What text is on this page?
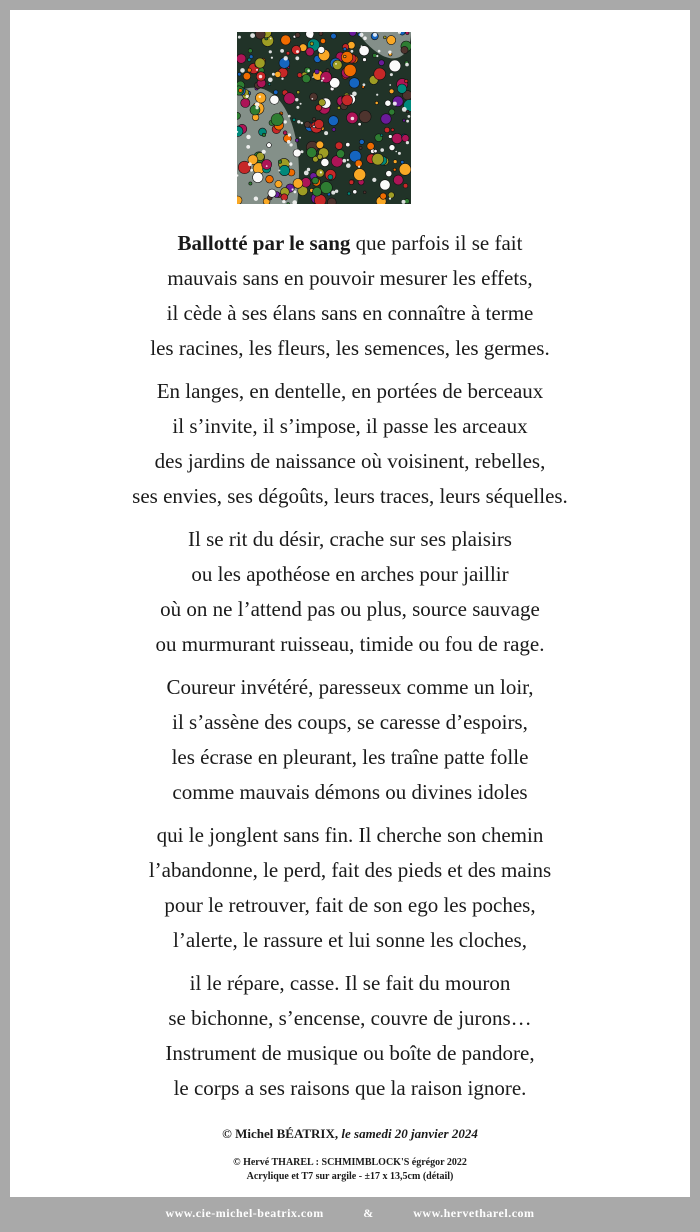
Ballotté par le sang que parfois il se fait
mauvais sans en pouvoir mesurer les effets,
il cède à ses élans sans en connaître à terme
les racines, les fleurs, les semences, les germes.
En langes, en dentelle, en portées de berceaux
il s’invite, il s’impose, il passe les arceaux
des jardins de naissance où voisinent, rebelles,
ses envies, ses dégoûts, leurs traces, leurs séquelles.
Il se rit du désir, crache sur ses plaisirs
ou les apothéose en arches pour jaillir
où on ne l’attend pas ou plus, source sauvage
ou murmurant ruisseau, timide ou fou de rage.
Coureur invétéré, paresseux comme un loir,
il s’assène des coups, se caresse d’espoirs,
les écrase en pleurant, les traîne patte folle
comme mauvais démons ou divines idoles
qui le jonglent sans fin. Il cherche son chemin
l’abandonne, le perd, fait des pieds et des mains
pour le retrouver, fait de son ego les poches,
l’alerte, le rassure et lui sonne les cloches,
il le répare, casse. Il se fait du mouron
se bichonne, s’encense, couvre de jurons…
Instrument de musique ou boîte de pandore,
le corps a ses raisons que la raison ignore.
© Michel BÉATRIX, le samedi 20 janvier 2024
© Hervé THAREL : SCHMIMBLOCK'S égrégor 2022
Acrylique et T7 sur argile - ±17 x 13,5cm (détail)
www.cie-michel-beatrix.com	&	www.hervetharel.com
